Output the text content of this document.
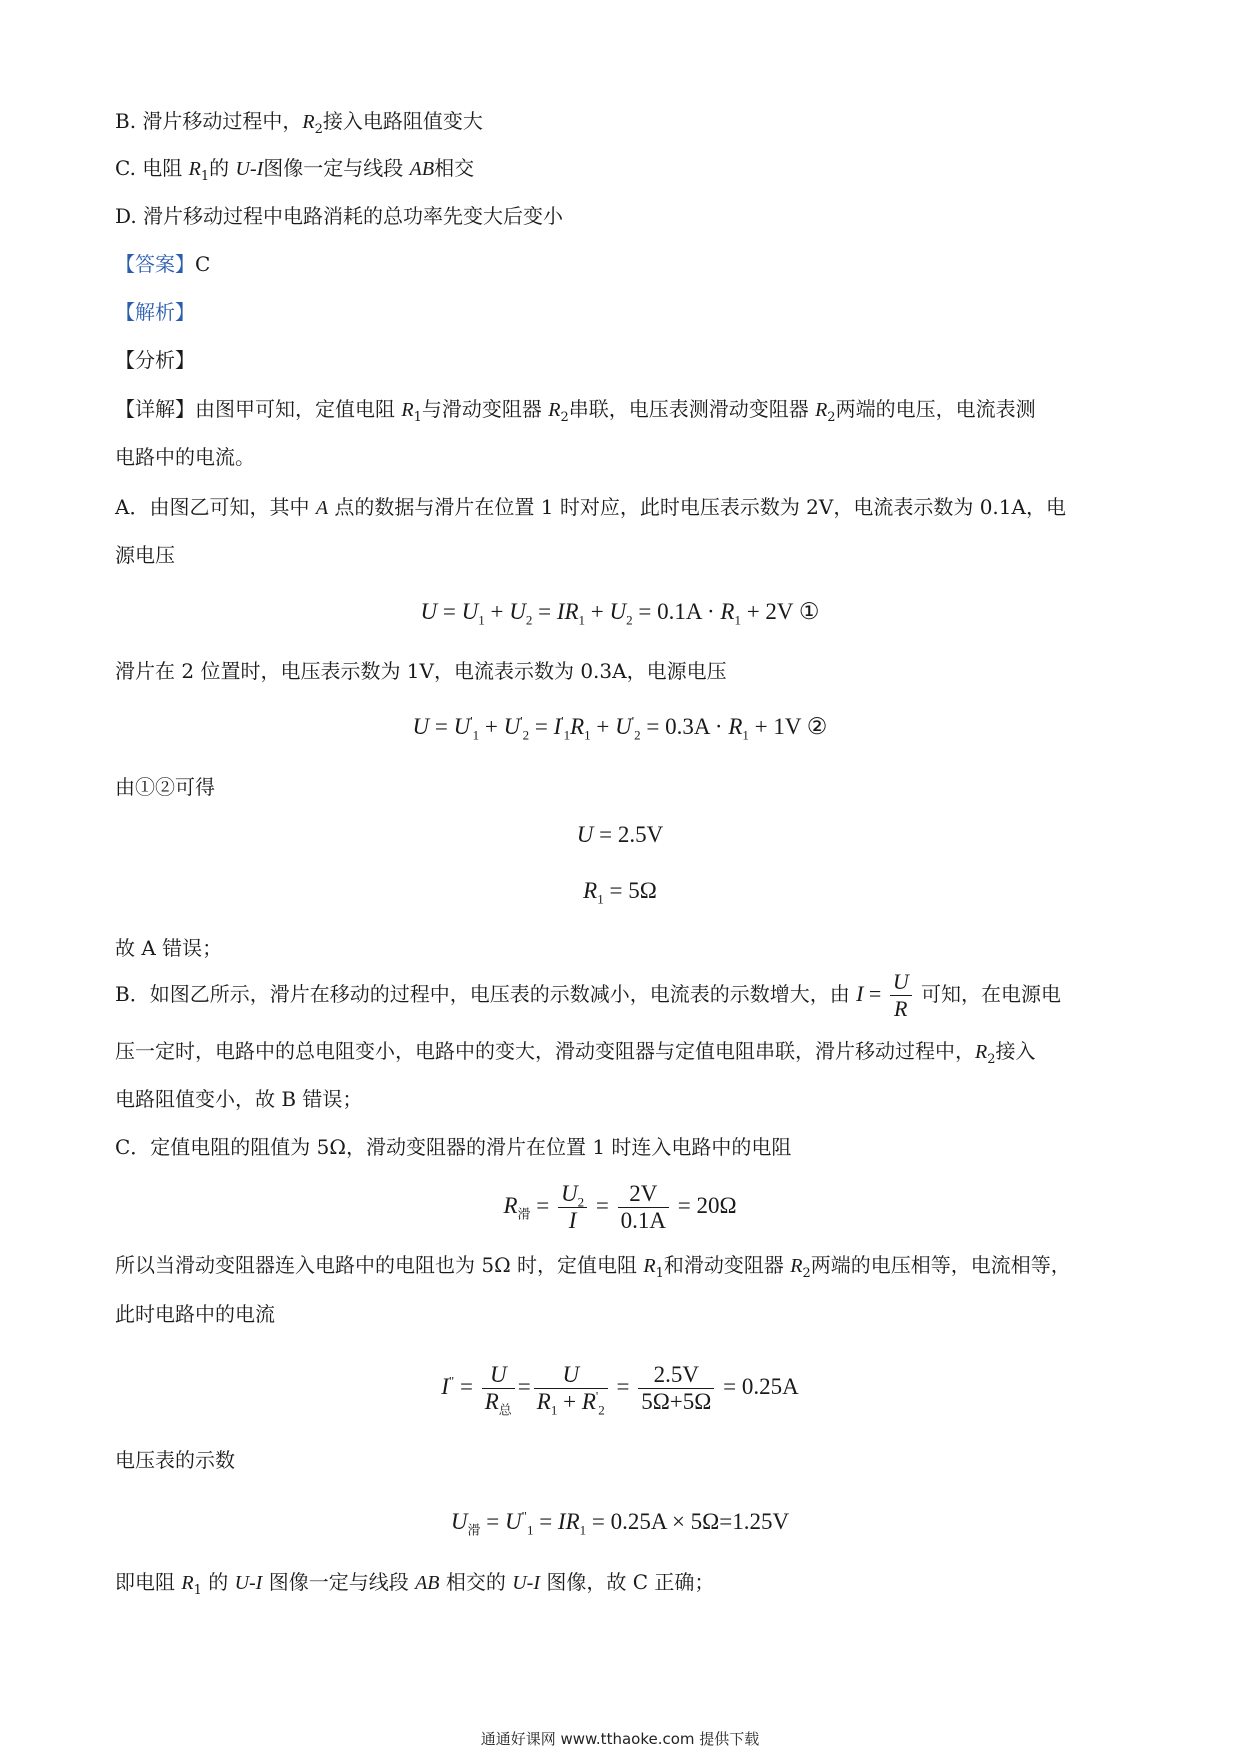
B. 滑片移动过程中，$R_2$接入电路阻值变大
C. 电阻 $R_1$的 U-I图像一定与线段 AB相交
D. 滑片移动过程中电路消耗的总功率先变大后变小
【答案】C
【解析】
【分析】
【详解】由图甲可知，定值电阻 $R_1$与滑动变阻器 $R_2$串联，电压表测滑动变阻器 $R_2$两端的电压，电流表测
电路中的电流。
A．由图乙可知，其中 A 点的数据与滑片在位置 1 时对应，此时电压表示数为 2V，电流表示数为 0.1A，电
源电压
$U = U_1 + U_2 = IR_1 + U_2 = 0.1A \cdot R_1 + 2V$ ①
滑片在 2 位置时，电压表示数为 1V，电流表示数为 0.3A，电源电压
$U = U'_1 + U'_2 = I'_1R_1 + U'_2 = 0.3A \cdot R_1 + 1V$ ②
由①②可得
U = 2.5V
$R_1 = 5\Omega$
故 A 错误；
B．如图乙所示，滑片在移动的过程中，电压表的示数减小，电流表的示数增大，由 $I = \frac{U}{R}$ 可知，在电源电
压一定时，电路中的总电阻变小，电路中的变大，滑动变阻器与定值电阻串联，滑片移动过程中，$R_2$接入
电路阻值变小，故 B 错误；
C．定值电阻的阻值为 5Ω，滑动变阻器的滑片在位置 1 时连入电路中的电阻
$R_滑 = \frac{U_2}{I} = \frac{2V}{0.1A} = 20\Omega$
所以当滑动变阻器连入电路中的电阻也为 5Ω 时，定值电阻 $R_1$和滑动变阻器 $R_2$两端的电压相等，电流相等，
此时电路中的电流
$I^" = \frac{U}{R_总} = \frac{U}{R_1 + R'_2} = \frac{2.5V}{5\Omega+5\Omega} = 0.25A$
电压表的示数
$U_滑 = U^"_1 = IR_1 = 0.25A \times 5\Omega=1.25V$
即电阻 $R_1$ 的 U-I 图像一定与线段 AB 相交的 U-I 图像，故 C 正确；
通通好课网 www.tthaoke.com 提供下载
